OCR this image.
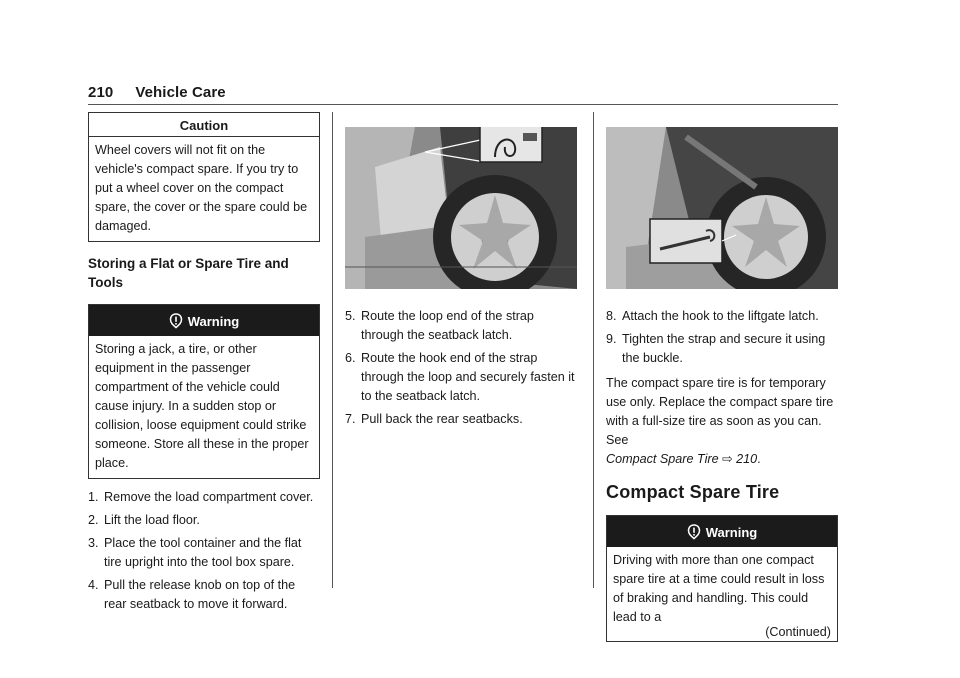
210 Vehicle Care
Caution

Wheel covers will not fit on the vehicle's compact spare. If you try to put a wheel cover on the compact spare, the cover or the spare could be damaged.

Storing a Flat or Spare Tire and Tools
Warning

Storing a jack, a tire, or other equipment in the passenger compartment of the vehicle could cause injury. In a sudden stop or collision, loose equipment could strike someone. Store all these in the proper place.

1. Remove the load compartment cover.
2. Lift the load floor.
3. Place the tool container and the flat tire upright into the tool box spare.
4. Pull the release knob on top of the rear seatback to move it forward.
5. Route the loop end of the strap through the seatback latch.
6. Route the hook end of the strap through the loop and securely fasten it to the seatback latch.
7. Pull back the rear seatbacks.
8. Attach the hook to the liftgate latch.
9. Tighten the strap and secure it using the buckle.

The compact spare tire is for temporary use only. Replace the compact spare tire with a full-size tire as soon as you can. See
Compact Spare Tire ⇨ 210.

Compact Spare Tire
Warning

Driving with more than one compact spare tire at a time could result in loss of braking and handling. This could lead to a

(Continued)
